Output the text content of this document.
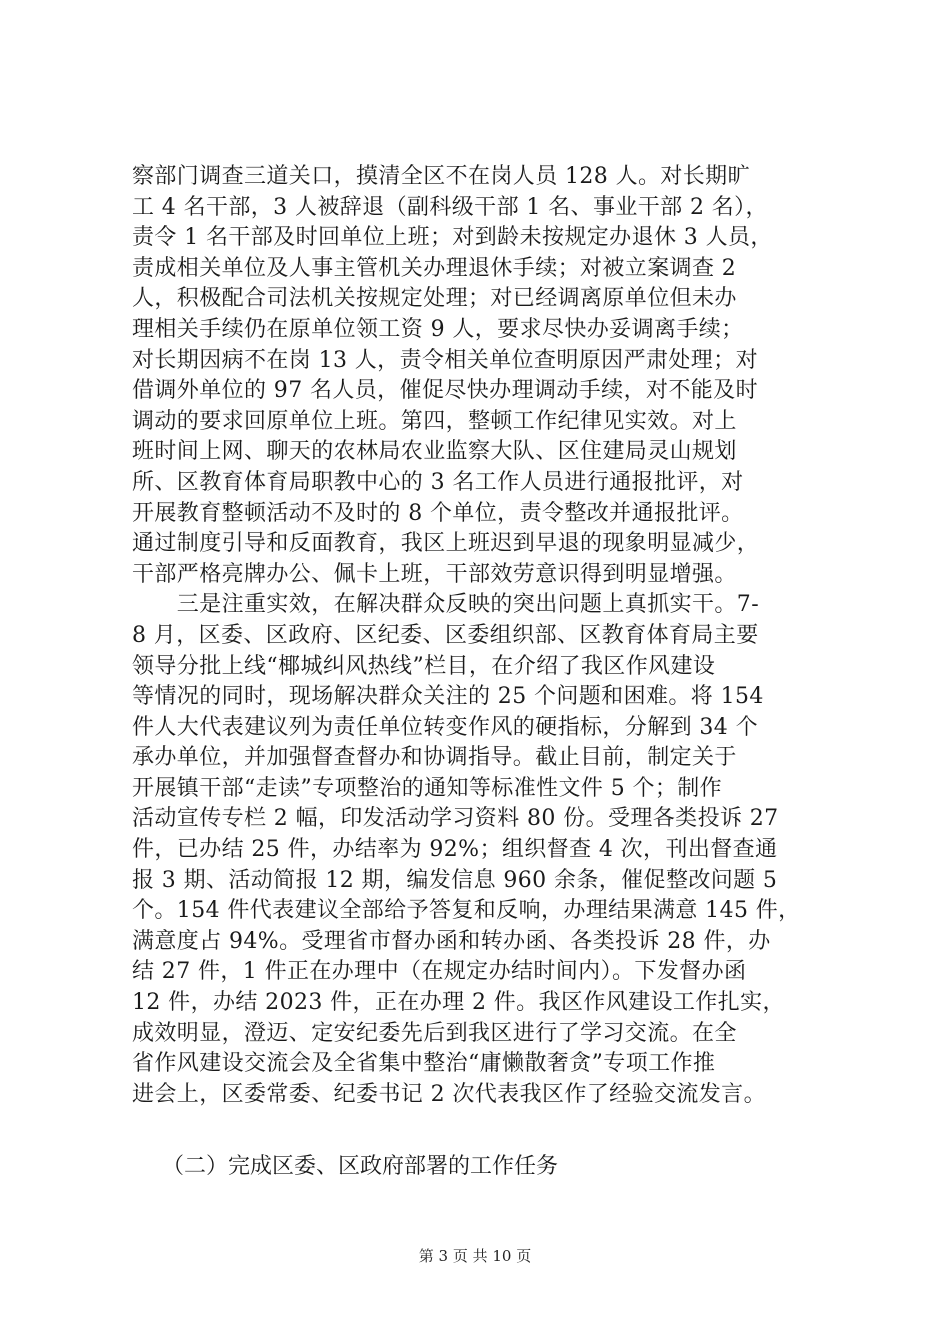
察部门调查三道关口，摸清全区不在岗人员 128 人。对长期旷
工 4 名干部，3 人被辞退（副科级干部 1 名、事业干部 2 名），
责令 1 名干部及时回单位上班；对到龄未按规定办退休 3 人员，
责成相关单位及人事主管机关办理退休手续；对被立案调查 2
人，积极配合司法机关按规定处理；对已经调离原单位但未办
理相关手续仍在原单位领工资 9 人，要求尽快办妥调离手续；
对长期因病不在岗 13 人，责令相关单位查明原因严肃处理；对
借调外单位的 97 名人员，催促尽快办理调动手续，对不能及时
调动的要求回原单位上班。第四，整顿工作纪律见实效。对上
班时间上网、聊天的农林局农业监察大队、区住建局灵山规划
所、区教育体育局职教中心的 3 名工作人员进行通报批评，对
开展教育整顿活动不及时的 8 个单位，责令整改并通报批评。
通过制度引导和反面教育，我区上班迟到早退的现象明显减少，
干部严格亮牌办公、佩卡上班，干部效劳意识得到明显增强。
　　三是注重实效，在解决群众反映的突出问题上真抓实干。7-
8 月，区委、区政府、区纪委、区委组织部、区教育体育局主要
领导分批上线“椰城纠风热线”栏目，在介绍了我区作风建设
等情况的同时，现场解决群众关注的 25 个问题和困难。将 154
件人大代表建议列为责任单位转变作风的硬指标，分解到 34 个
承办单位，并加强督查督办和协调指导。截止目前，制定关于
开展镇干部“走读”专项整治的通知等标准性文件 5 个；制作
活动宣传专栏 2 幅，印发活动学习资料 80 份。受理各类投诉 27
件，已办结 25 件，办结率为 92%；组织督查 4 次，刊出督查通
报 3 期、活动简报 12 期，编发信息 960 余条，催促整改问题 5
个。154 件代表建议全部给予答复和反响，办理结果满意 145 件，
满意度占 94%。受理省市督办函和转办函、各类投诉 28 件，办
结 27 件，1 件正在办理中（在规定办结时间内）。下发督办函
12 件，办结 2023 件，正在办理 2 件。我区作风建设工作扎实，
成效明显，澄迈、定安纪委先后到我区进行了学习交流。在全
省作风建设交流会及全省集中整治“庸懒散奢贪”专项工作推
进会上，区委常委、纪委书记 2 次代表我区作了经验交流发言。
（二）完成区委、区政府部署的工作任务
第 3 页 共 10 页
